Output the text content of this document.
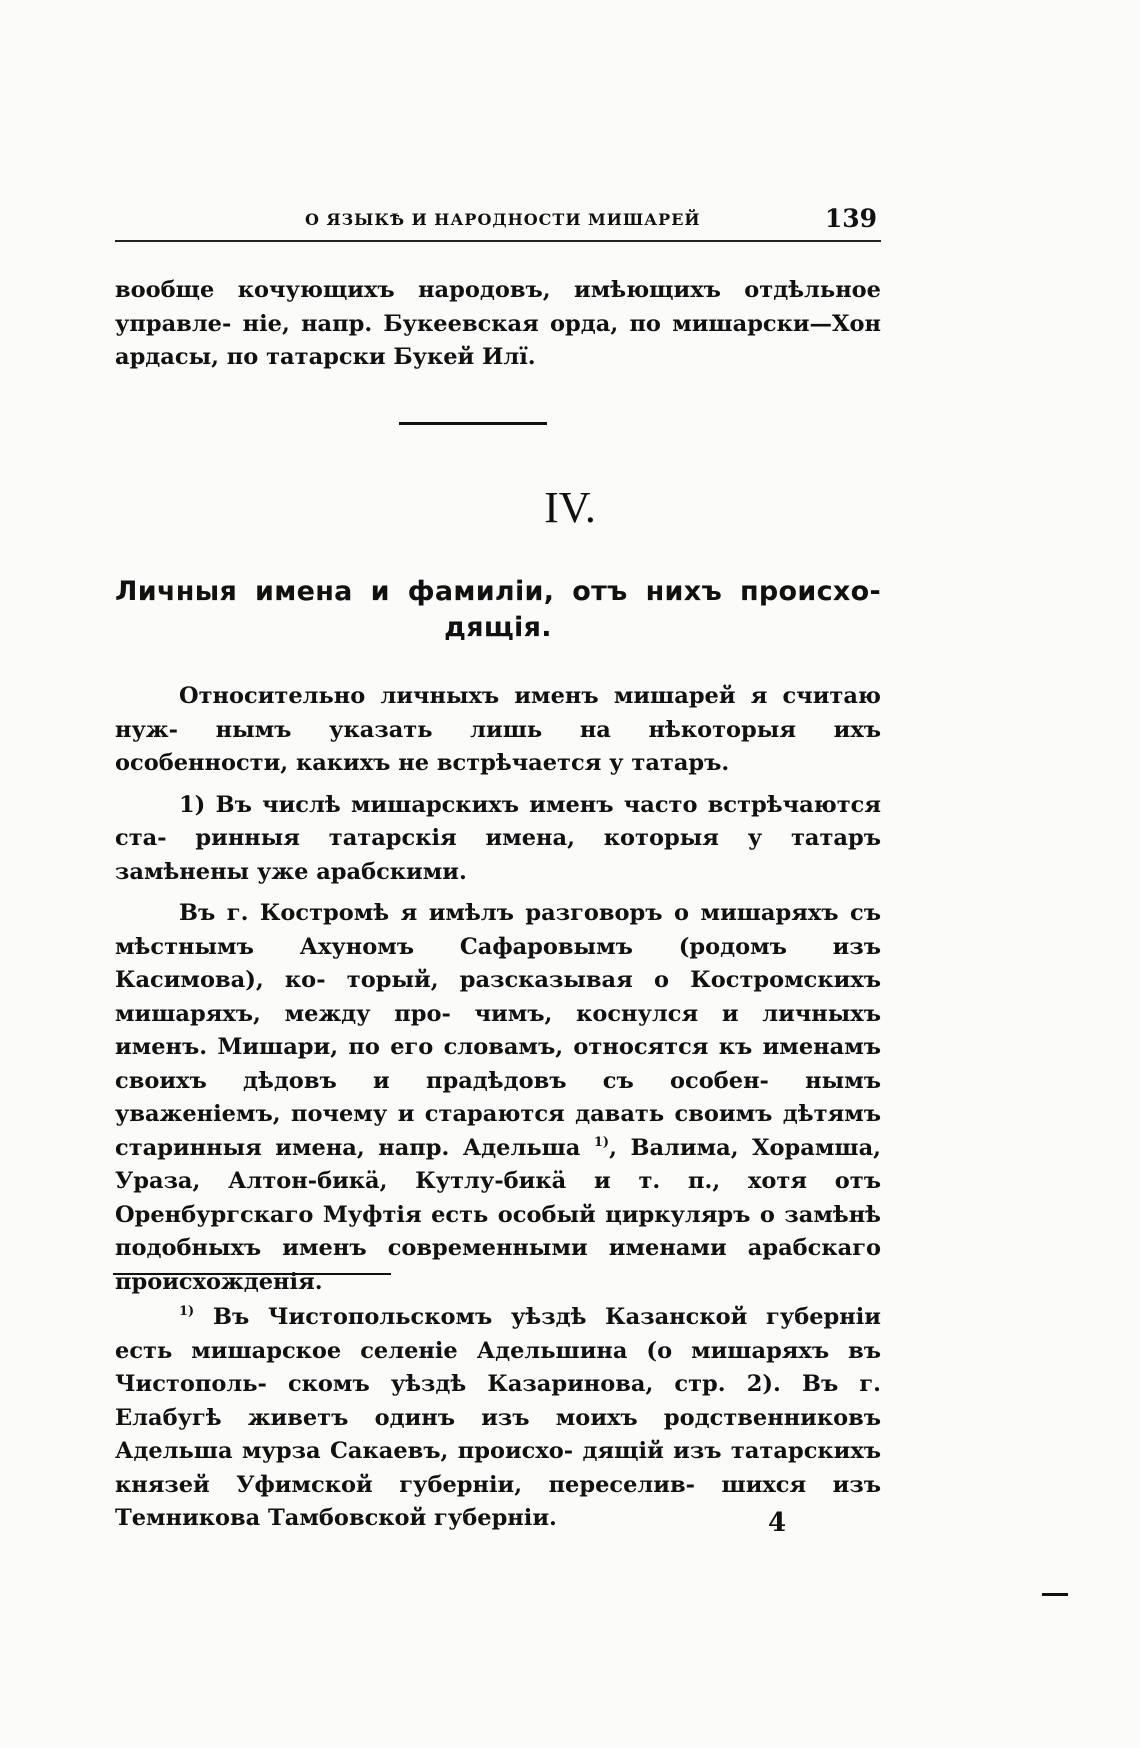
О ЯЗЫКѢ И НАРОДНОСТИ МИШАРЕЙ	139

вообще кочующихъ народовъ, имѣющихъ отдѣльное управле- ніе, напр. Букеевская орда, по мишарски—Хон ардасы, по татарски Букей Илї.

IV.
Личныя имена и фамиліи, отъ нихъ происхо- дящія.

Относительно личныхъ именъ мишарей я считаю нуж- нымъ указать лишь на нѣкоторыя ихъ особенности, какихъ не встрѣчается у татаръ.

1) Въ числѣ мишарскихъ именъ часто встрѣчаются ста- ринныя татарскія имена, которыя у татаръ замѣнены уже арабскими.

Въ г. Костромѣ я имѣлъ разговоръ о мишаряхъ съ мѣстнымъ Ахуномъ Сафаровымъ (родомъ изъ Касимова), ко- торый, разсказывая о Костромскихъ мишаряхъ, между про- чимъ, коснулся и личныхъ именъ. Мишари, по его словамъ, относятся къ именамъ своихъ дѣдовъ и прадѣдовъ съ особен- нымъ уваженіемъ, почему и стараются давать своимъ дѣтямъ старинныя имена, напр. Адельша $^{1)}$, Валима, Хорамша, Ураза, Алтон-бикä, Кутлу-бикä и т. п., хотя отъ Оренбургскаго Муфтія есть особый циркуляръ о замѣнѣ подобныхъ именъ современными именами арабскаго происхожденія.

$^{1)}$ Въ Чистопольскомъ уѣздѣ Казанской губерніи есть мишарское селеніе Адельшина (о мишаряхъ въ Чистополь- скомъ уѣздѣ Казаринова, стр. 2). Въ г. Елабугѣ живетъ одинъ изъ моихъ родственниковъ Адельша мурза Сакаевъ, происхо- дящій изъ татарскихъ князей Уфимской губерніи, переселив- шихся изъ Темникова Тамбовской губерніи.	4
